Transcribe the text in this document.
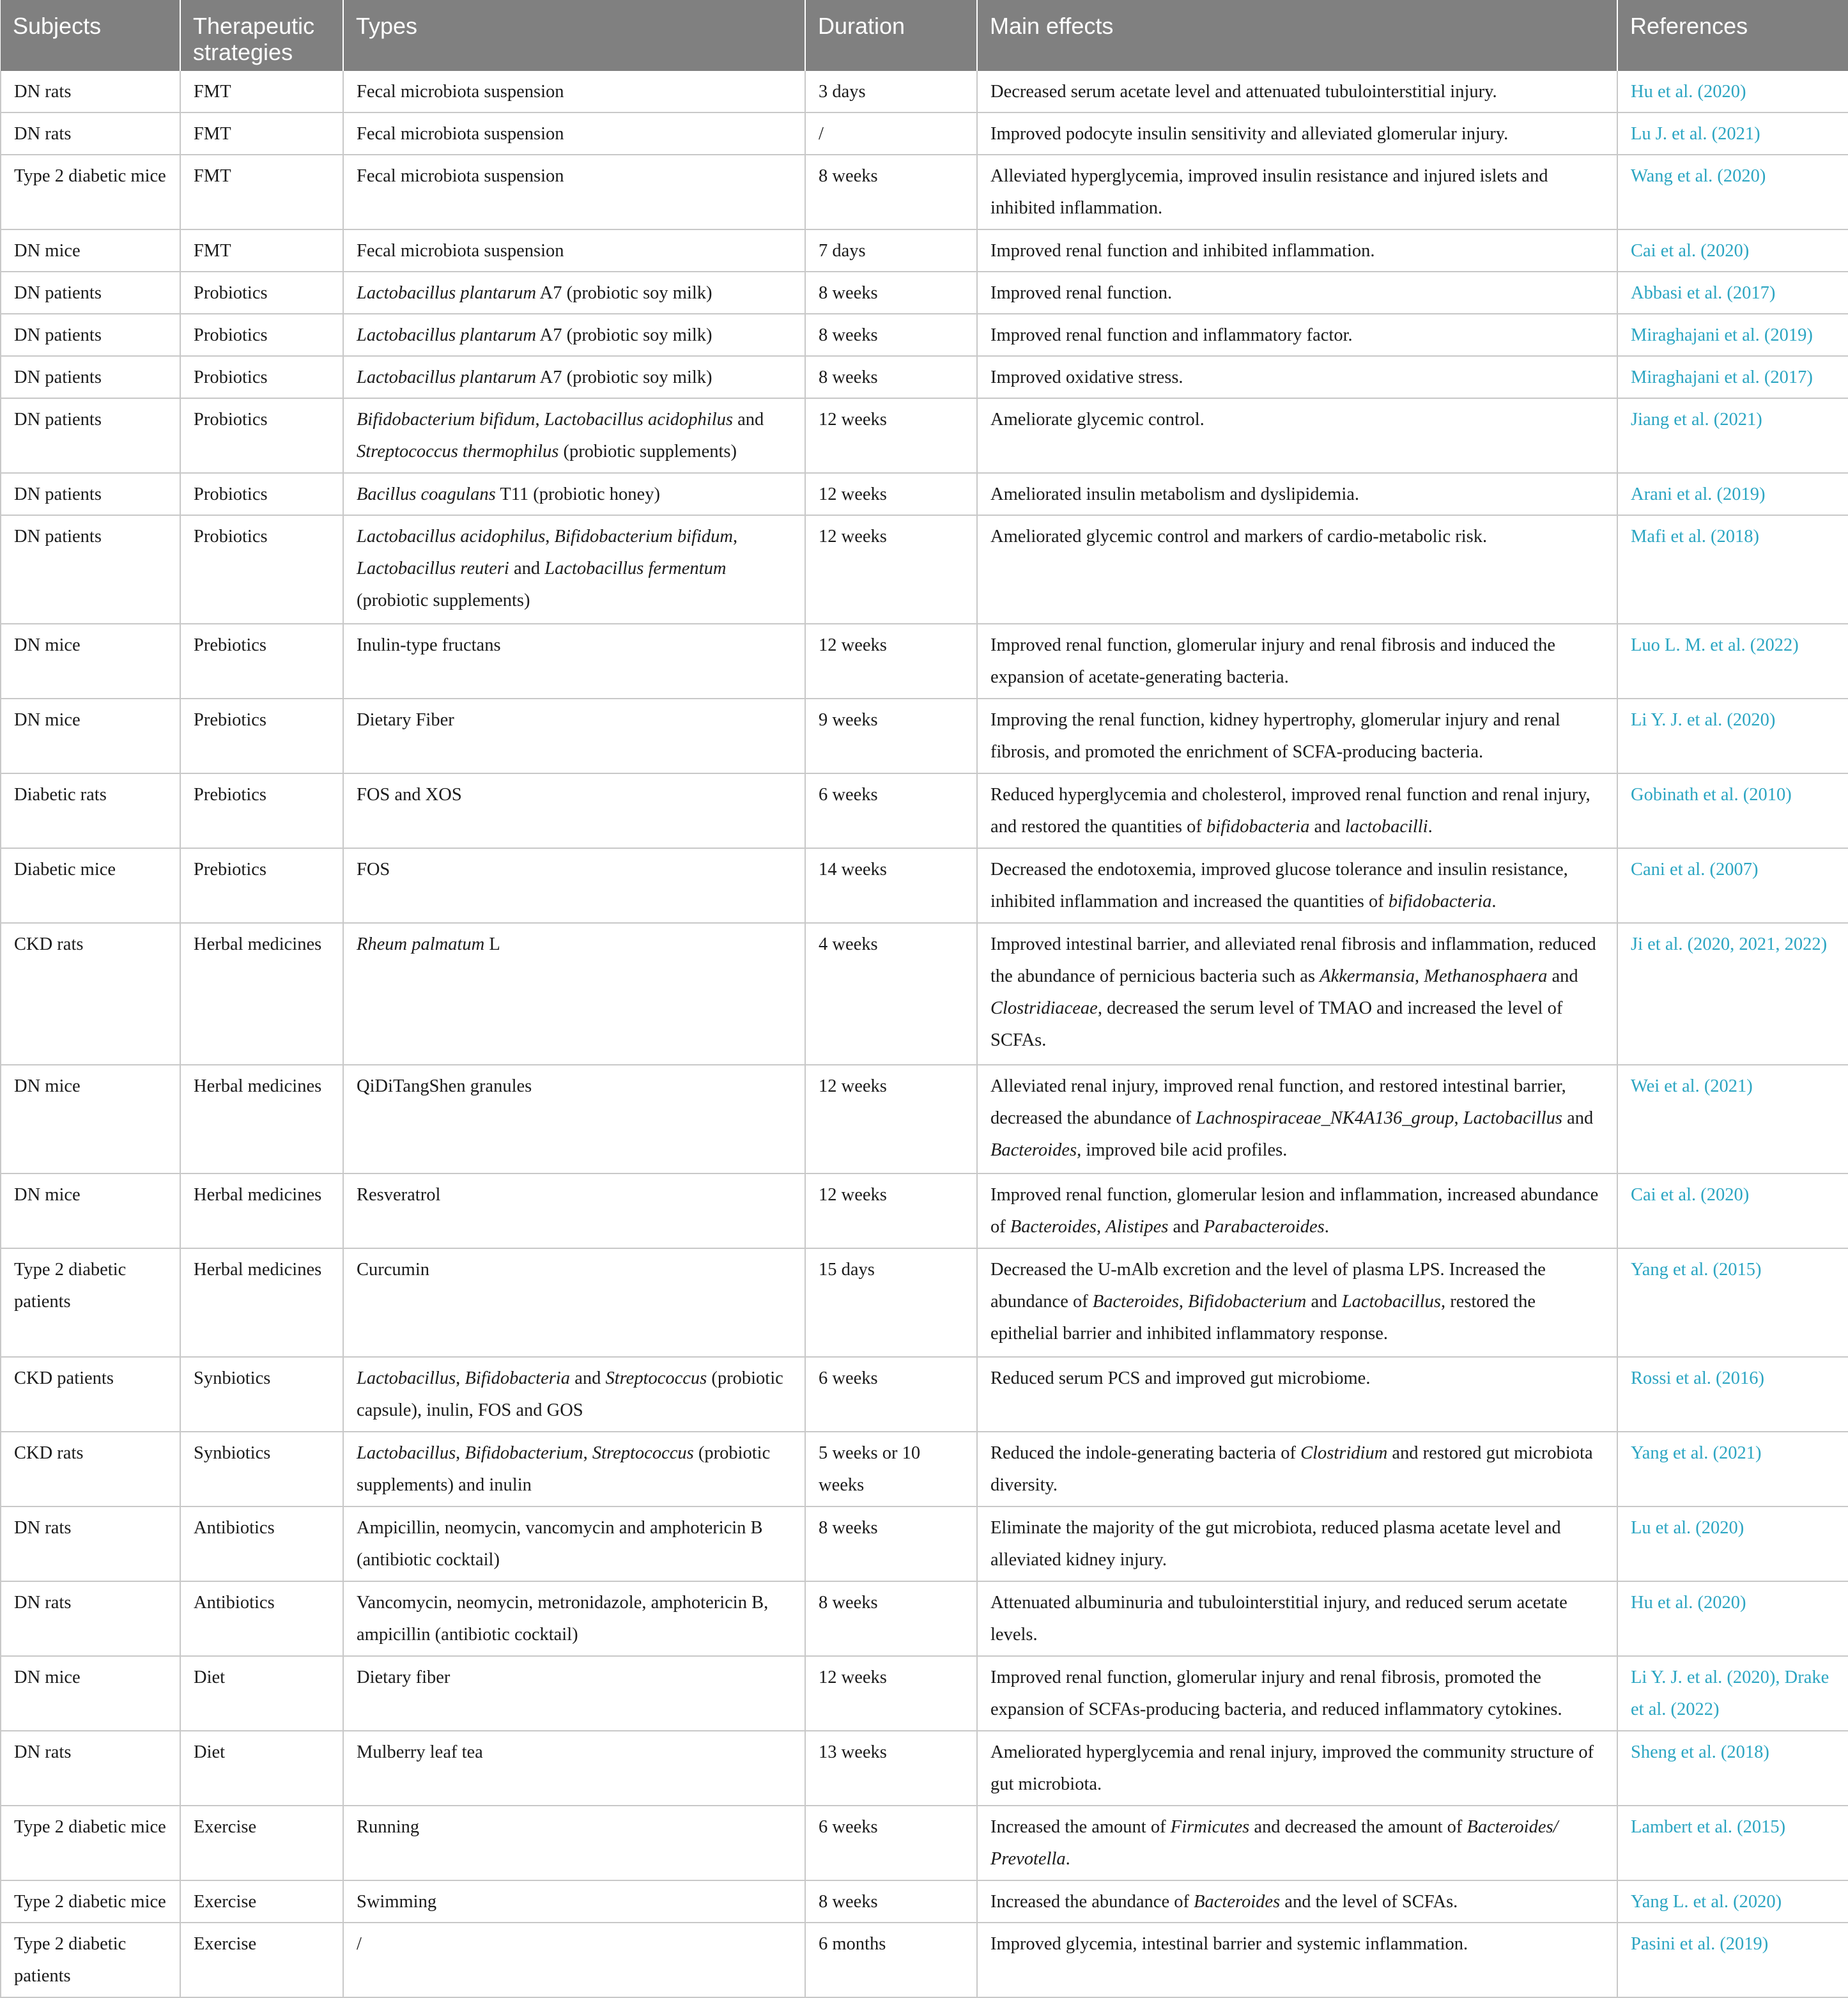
Subjects	Therapeutic strategies	Types	Duration	Main effects	References
DN rats	FMT	Fecal microbiota suspension	3 days	Decreased serum acetate level and attenuated tubulointerstitial injury.	Hu et al. (2020)
DN rats	FMT	Fecal microbiota suspension	/	Improved podocyte insulin sensitivity and alleviated glomerular injury.	Lu J. et al. (2021)
Type 2 diabetic mice	FMT	Fecal microbiota suspension	8 weeks	Alleviated hyperglycemia, improved insulin resistance and injured islets and inhibited inflammation.	Wang et al. (2020)
DN mice	FMT	Fecal microbiota suspension	7 days	Improved renal function and inhibited inflammation.	Cai et al. (2020)
DN patients	Probiotics	Lactobacillus plantarum A7 (probiotic soy milk)	8 weeks	Improved renal function.	Abbasi et al. (2017)
DN patients	Probiotics	Lactobacillus plantarum A7 (probiotic soy milk)	8 weeks	Improved renal function and inflammatory factor.	Miraghajani et al. (2019)
DN patients	Probiotics	Lactobacillus plantarum A7 (probiotic soy milk)	8 weeks	Improved oxidative stress.	Miraghajani et al. (2017)
DN patients	Probiotics	Bifidobacterium bifidum, Lactobacillus acidophilus and Streptococcus thermophilus (probiotic supplements)	12 weeks	Ameliorate glycemic control.	Jiang et al. (2021)
DN patients	Probiotics	Bacillus coagulans T11 (probiotic honey)	12 weeks	Ameliorated insulin metabolism and dyslipidemia.	Arani et al. (2019)
DN patients	Probiotics	Lactobacillus acidophilus, Bifidobacterium bifidum, Lactobacillus reuteri and Lactobacillus fermentum (probiotic supplements)	12 weeks	Ameliorated glycemic control and markers of cardio-metabolic risk.	Mafi et al. (2018)
DN mice	Prebiotics	Inulin-type fructans	12 weeks	Improved renal function, glomerular injury and renal fibrosis and induced the expansion of acetate-generating bacteria.	Luo L. M. et al. (2022)
DN mice	Prebiotics	Dietary Fiber	9 weeks	Improving the renal function, kidney hypertrophy, glomerular injury and renal fibrosis, and promoted the enrichment of SCFA-producing bacteria.	Li Y. J. et al. (2020)
Diabetic rats	Prebiotics	FOS and XOS	6 weeks	Reduced hyperglycemia and cholesterol, improved renal function and renal injury, and restored the quantities of bifidobacteria and lactobacilli.	Gobinath et al. (2010)
Diabetic mice	Prebiotics	FOS	14 weeks	Decreased the endotoxemia, improved glucose tolerance and insulin resistance, inhibited inflammation and increased the quantities of bifidobacteria.	Cani et al. (2007)
CKD rats	Herbal medicines	Rheum palmatum L	4 weeks	Improved intestinal barrier, and alleviated renal fibrosis and inflammation, reduced the abundance of pernicious bacteria such as Akkermansia, Methanosphaera and Clostridiaceae, decreased the serum level of TMAO and increased the level of SCFAs.	Ji et al. (2020, 2021, 2022)
DN mice	Herbal medicines	QiDiTangShen granules	12 weeks	Alleviated renal injury, improved renal function, and restored intestinal barrier, decreased the abundance of Lachnospiraceae_NK4A136_group, Lactobacillus and Bacteroides, improved bile acid profiles.	Wei et al. (2021)
DN mice	Herbal medicines	Resveratrol	12 weeks	Improved renal function, glomerular lesion and inflammation, increased abundance of Bacteroides, Alistipes and Parabacteroides.	Cai et al. (2020)
Type 2 diabetic patients	Herbal medicines	Curcumin	15 days	Decreased the U-mAlb excretion and the level of plasma LPS. Increased the abundance of Bacteroides, Bifidobacterium and Lactobacillus, restored the epithelial barrier and inhibited inflammatory response.	Yang et al. (2015)
CKD patients	Synbiotics	Lactobacillus, Bifidobacteria and Streptococcus (probiotic capsule), inulin, FOS and GOS	6 weeks	Reduced serum PCS and improved gut microbiome.	Rossi et al. (2016)
CKD rats	Synbiotics	Lactobacillus, Bifidobacterium, Streptococcus (probiotic supplements) and inulin	5 weeks or 10 weeks	Reduced the indole-generating bacteria of Clostridium and restored gut microbiota diversity.	Yang et al. (2021)
DN rats	Antibiotics	Ampicillin, neomycin, vancomycin and amphotericin B (antibiotic cocktail)	8 weeks	Eliminate the majority of the gut microbiota, reduced plasma acetate level and alleviated kidney injury.	Lu et al. (2020)
DN rats	Antibiotics	Vancomycin, neomycin, metronidazole, amphotericin B, ampicillin (antibiotic cocktail)	8 weeks	Attenuated albuminuria and tubulointerstitial injury, and reduced serum acetate levels.	Hu et al. (2020)
DN mice	Diet	Dietary fiber	12 weeks	Improved renal function, glomerular injury and renal fibrosis, promoted the expansion of SCFAs-producing bacteria, and reduced inflammatory cytokines.	Li Y. J. et al. (2020), Drake et al. (2022)
DN rats	Diet	Mulberry leaf tea	13 weeks	Ameliorated hyperglycemia and renal injury, improved the community structure of gut microbiota.	Sheng et al. (2018)
Type 2 diabetic mice	Exercise	Running	6 weeks	Increased the amount of Firmicutes and decreased the amount of Bacteroides/ Prevotella.	Lambert et al. (2015)
Type 2 diabetic mice	Exercise	Swimming	8 weeks	Increased the abundance of Bacteroides and the level of SCFAs.	Yang L. et al. (2020)
Type 2 diabetic patients	Exercise	/	6 months	Improved glycemia, intestinal barrier and systemic inflammation.	Pasini et al. (2019)
